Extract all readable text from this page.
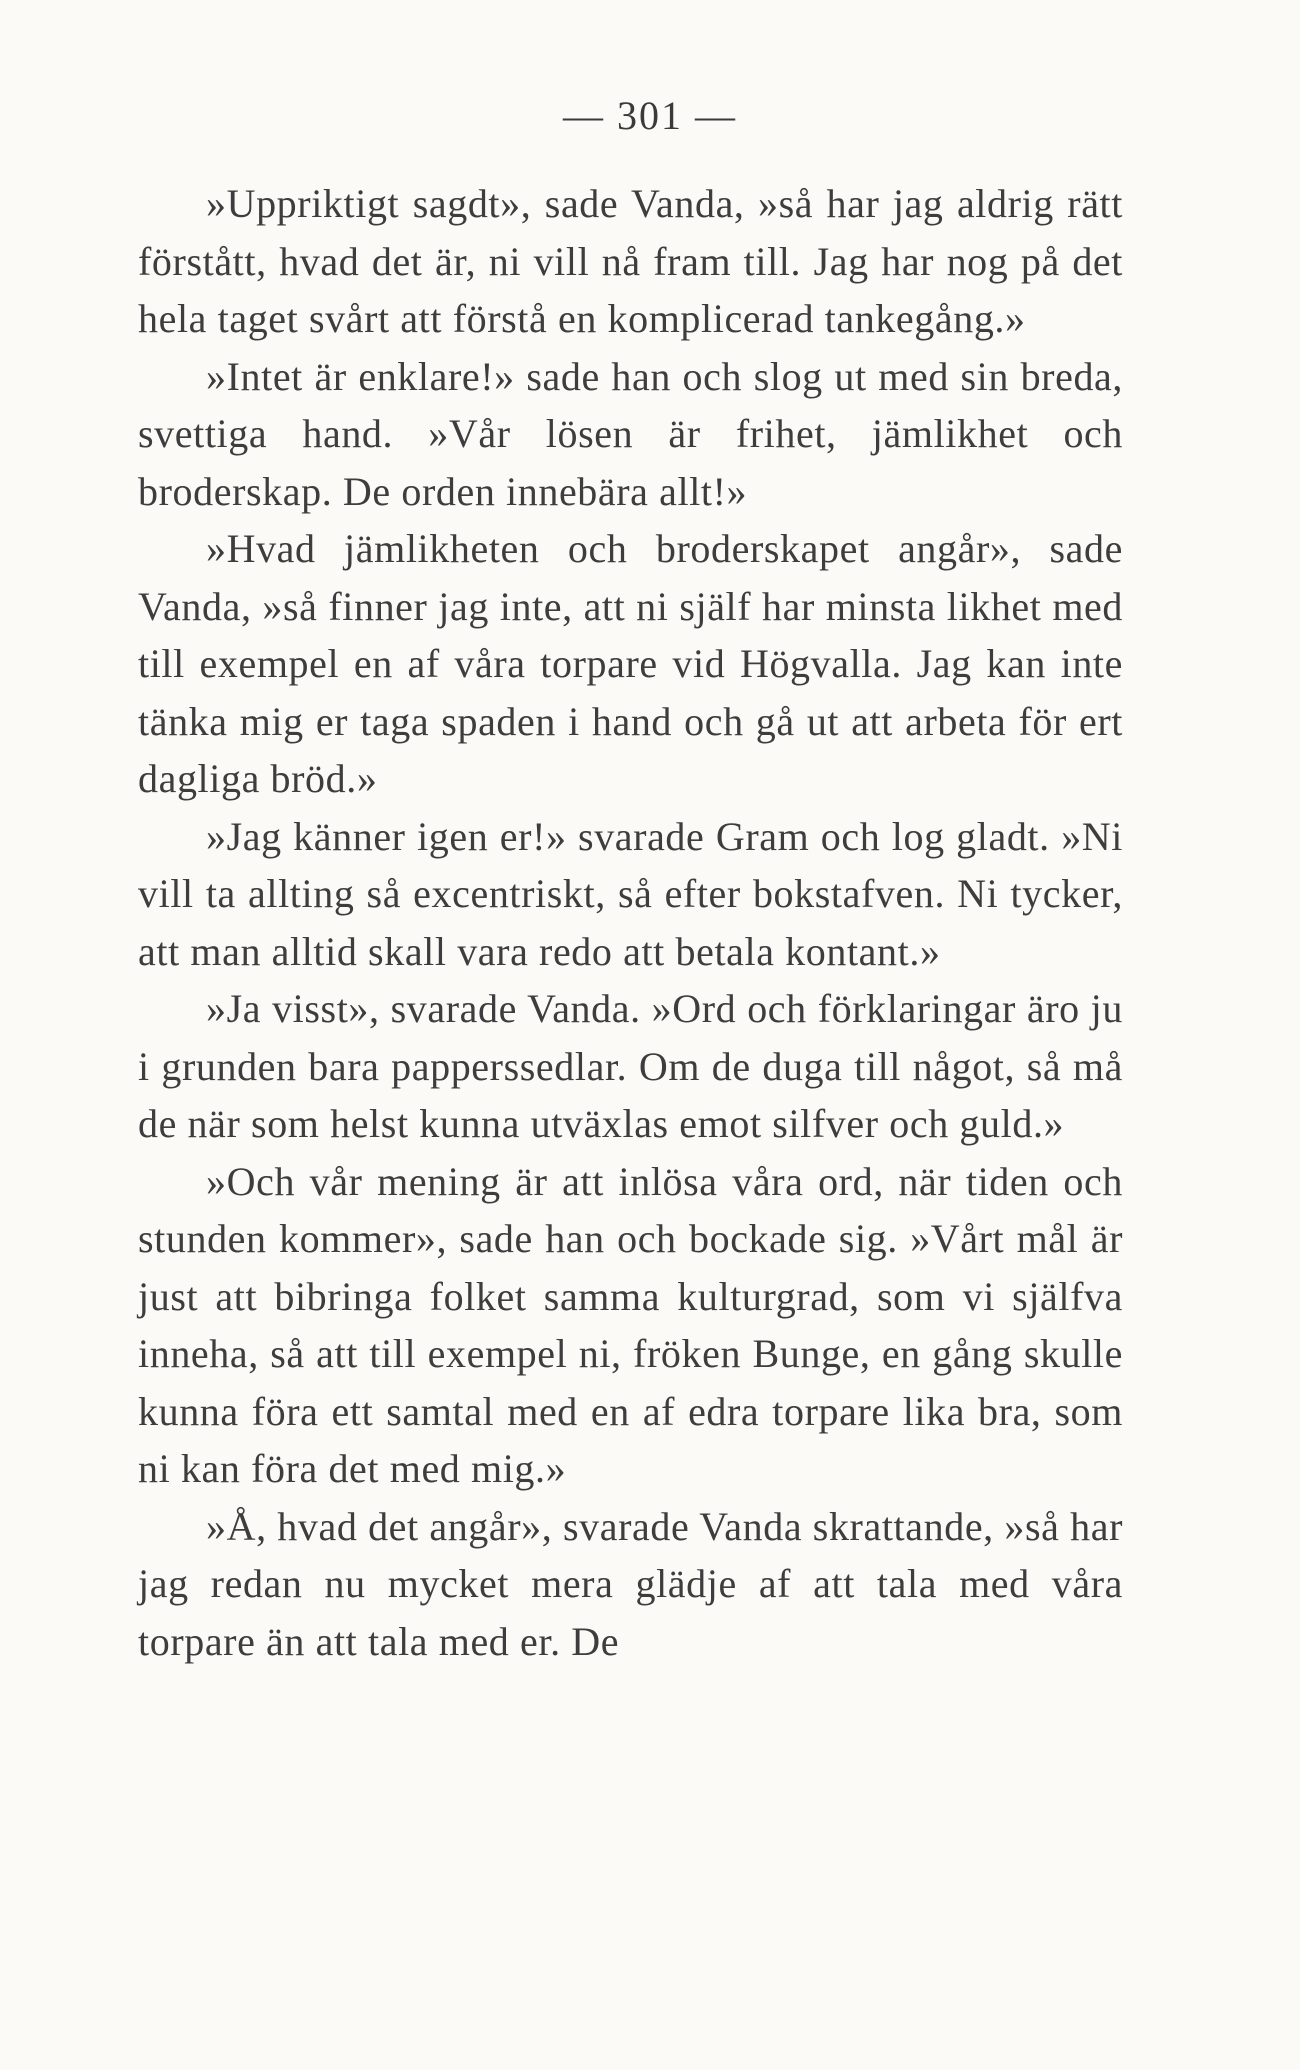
— 301 —

»Uppriktigt sagdt», sade Vanda, »så har jag aldrig rätt förstått, hvad det är, ni vill nå fram till. Jag har nog på det hela taget svårt att förstå en komplicerad tankegång.»

»Intet är enklare!» sade han och slog ut med sin breda, svettiga hand. »Vår lösen är frihet, jämlikhet och broderskap. De orden innebära allt!»

»Hvad jämlikheten och broderskapet angår», sade Vanda, »så finner jag inte, att ni själf har minsta likhet med till exempel en af våra torpare vid Högvalla. Jag kan inte tänka mig er taga spaden i hand och gå ut att arbeta för ert dagliga bröd.»

»Jag känner igen er!» svarade Gram och log gladt. »Ni vill ta allting så excentriskt, så efter bokstafven. Ni tycker, att man alltid skall vara redo att betala kontant.»

»Ja visst», svarade Vanda. »Ord och förklaringar äro ju i grunden bara papperssedlar. Om de duga till något, så må de när som helst kunna utväxlas emot silfver och guld.»

»Och vår mening är att inlösa våra ord, när tiden och stunden kommer», sade han och bockade sig. »Vårt mål är just att bibringa folket samma kulturgrad, som vi själfva inneha, så att till exempel ni, fröken Bunge, en gång skulle kunna föra ett samtal med en af edra torpare lika bra, som ni kan föra det med mig.»

»Å, hvad det angår», svarade Vanda skrattande, »så har jag redan nu mycket mera glädje af att tala med våra torpare än att tala med er. De
